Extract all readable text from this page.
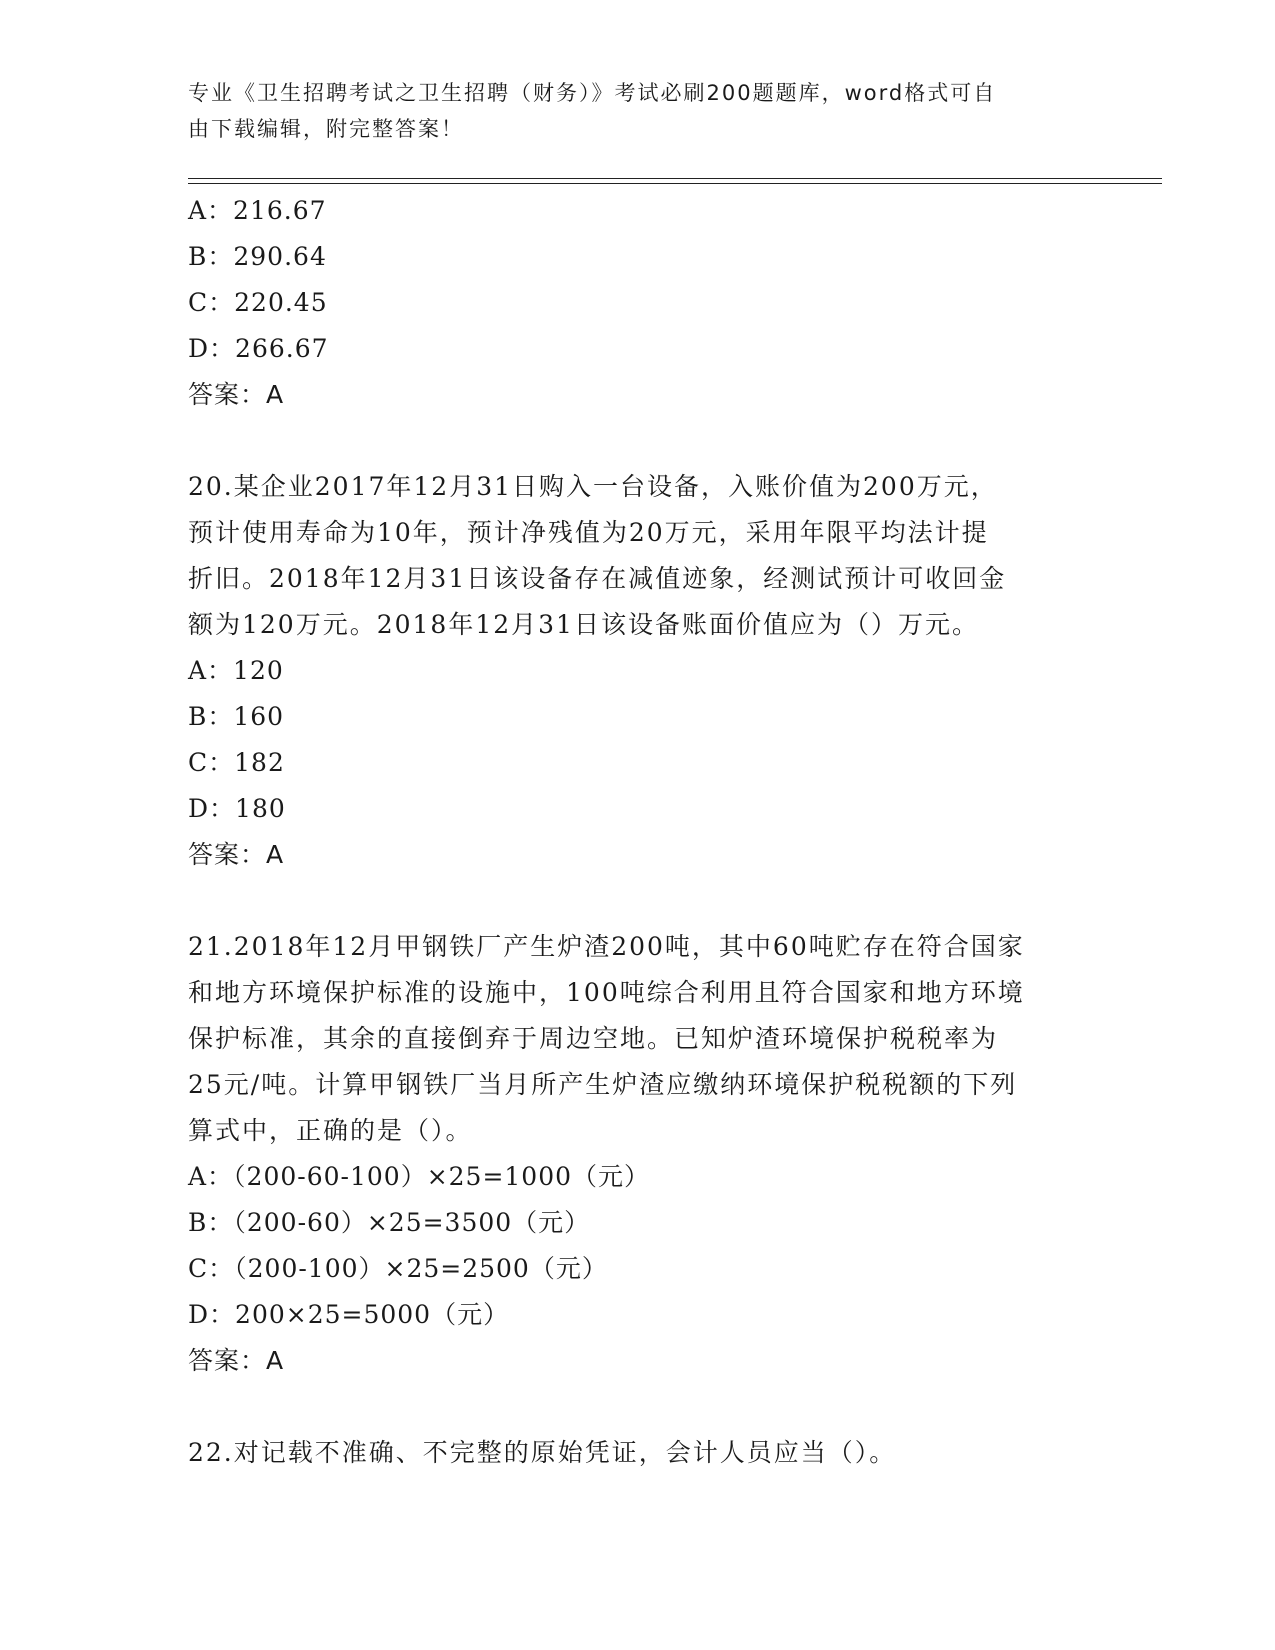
专业《卫生招聘考试之卫生招聘（财务）》考试必刷200题题库，word格式可自
由下载编辑，附完整答案！
A：216.67
B：290.64
C：220.45
D：266.67
答案：A
20.某企业2017年12月31日购入一台设备，入账价值为200万元，
预计使用寿命为10年，预计净残值为20万元，采用年限平均法计提
折旧。2018年12月31日该设备存在减值迹象，经测试预计可收回金
额为120万元。2018年12月31日该设备账面价值应为（）万元。
A：120
B：160
C：182
D：180
答案：A
21.2018年12月甲钢铁厂产生炉渣200吨，其中60吨贮存在符合国家
和地方环境保护标准的设施中，100吨综合利用且符合国家和地方环境
保护标准，其余的直接倒弃于周边空地。已知炉渣环境保护税税率为
25元/吨。计算甲钢铁厂当月所产生炉渣应缴纳环境保护税税额的下列
算式中，正确的是（）。
A：（200-60-100）×25=1000（元）
B：（200-60）×25=3500（元）
C：（200-100）×25=2500（元）
D：200×25=5000（元）
答案：A
22.对记载不准确、不完整的原始凭证，会计人员应当（）。
